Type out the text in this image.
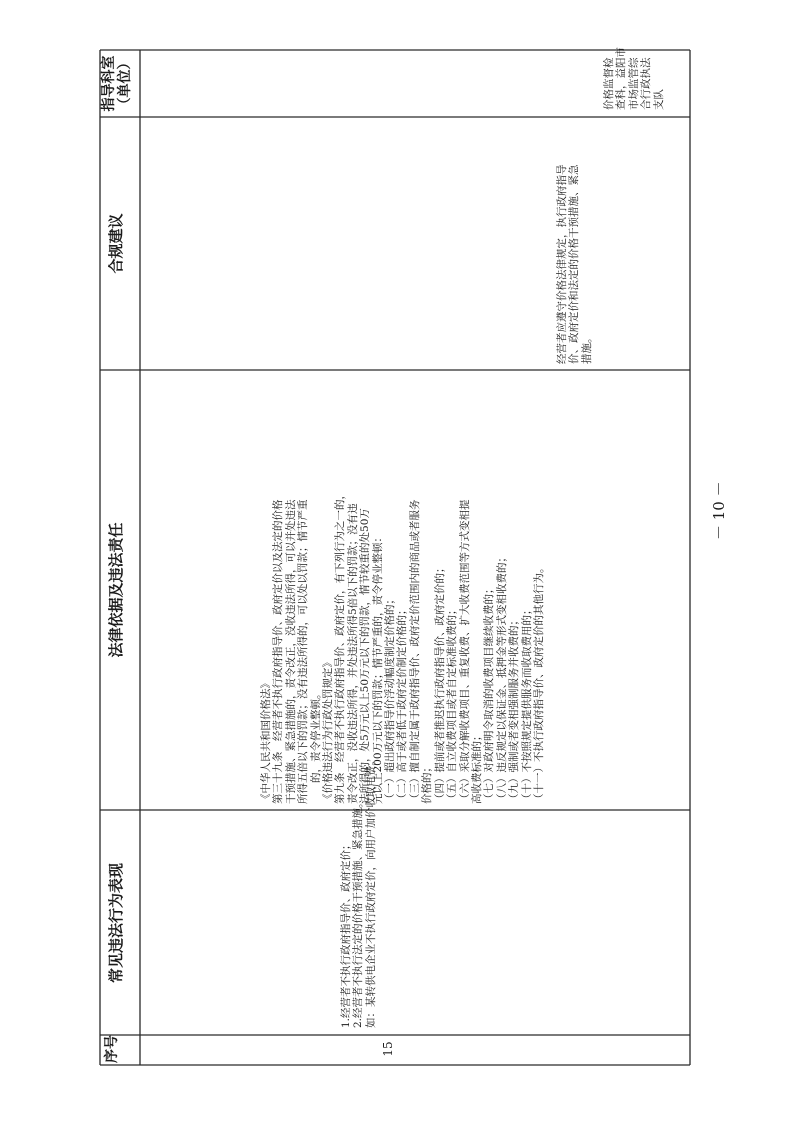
序号
常见违法行为表现
法律依据及违法责任
合规建议
指导科室 （单位）
15
1.经营者不执行政府指导价、政府定价； 2.经营者不执行法定的价格干预措施、紧急措施。 如：某转供电企业不执行政府定价，向用户加价收取电费。
《中华人民共和国价格法》 第三十九条　经营者不执行政府指导价、政府定价以及法定的价格 干预措施、紧急措施的，责令改正，没收违法所得，可以并处违法 所得五倍以下的罚款；没有违法所得的，可以处以罚款；情节严重 的，责令停业整顿。 《价格违法行为行政处罚规定》 第九条　经营者不执行政府指导价、政府定价，有下列行为之一的， 责令改正，没收违法所得，并处违法所得5倍以下的罚款；没有违 法所得的，处5万元以上50万元以下的罚款，情节较重的处50万 元以上200万元以下的罚款；情节严重的，责令停业整顿： （一）超出政府指导价浮动幅度制定价格的； （二）高于或者低于政府定价制定价格的； （三）擅自制定属于政府指导价、政府定价范围内的商品或者服务 价格的； （四）提前或者推迟执行政府指导价、政府定价的； （五）自立收费项目或者自定标准收费的； （六）采取分解收费项目、重复收费、扩大收费范围等方式变相提 高收费标准的； （七）对政府明令取消的收费项目继续收费的； （八）违反规定以保证金、抵押金等形式变相收费的； （九）强制或者变相强制服务并收费的； （十）不按照规定提供服务而收取费用的； （十一）不执行政府指导价、政府定价的其他行为。
经营者应遵守价格法律规定，执行政府指导 价、政府定价和法定的价格干预措施、紧急 措施。
价格监督检 查科，益阳市 市场监管综 合行政执法 支队
－ 10 －
